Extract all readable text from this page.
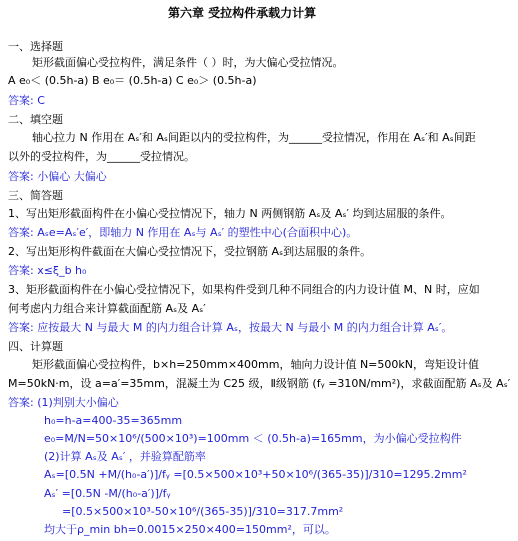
第六章 受拉构件承载力计算
一、选择题
矩形截面偏心受拉构件，满足条件（ ）时，为大偏心受拉情况。
A e₀＜ (0.5h-a) B e₀＝ (0.5h-a) C e₀＞ (0.5h-a)
答案: C
二、填空题
轴心拉力 N 作用在 Aₛ′和 Aₛ间距以内的受拉构件，为______受拉情况，作用在 Aₛ′和 Aₛ间距
以外的受拉构件，为______受拉情况。
答案: 小偏心 大偏心
三、简答题
1、写出矩形截面构件在小偏心受拉情况下，轴力 N 两侧钢筋 Aₛ及 Aₛ′ 均到达屈服的条件。
答案: Aₛe=Aₛ′e′，即轴力 N 作用在 Aₛ与 Aₛ′ 的塑性中心(合面积中心)。
2、写出矩形构件截面在大偏心受拉情况下，受拉钢筋 Aₛ到达屈服的条件。
答案: x≤ξ_b h₀
3、矩形截面构件在小偏心受拉情况下，如果构件受到几种不同组合的内力设计值 M、N 时，应如
何考虑内力组合来计算截面配筋 Aₛ及 Aₛ′
答案: 应按最大 N 与最大 M 的内力组合计算 Aₛ，按最大 N 与最小 M 的内力组合计算 Aₛ′。
四、计算题
矩形截面偏心受拉构件，b×h=250mm×400mm，轴向力设计值 N=500kN，弯矩设计值
M=50kN·m，设 a=a′=35mm，混凝土为 C25 级，Ⅱ级钢筋 (fᵧ =310N/mm²)，求截面配筋 Aₛ及 Aₛ′
答案: (1)判别大小偏心
h₀=h-a=400-35=365mm
e₀=M/N=50×10⁶/(500×10³)=100mm ＜ (0.5h-a)=165mm，为小偏心受拉构件
(2)计算 Aₛ及 Aₛ′ ，并验算配筋率
Aₛ=[0.5N +M/(h₀-a′)]/fᵧ =[0.5×500×10³+50×10⁶/(365-35)]/310=1295.2mm²
Aₛ′ =[0.5N -M/(h₀-a′)]/fᵧ
=[0.5×500×10³-50×10⁶/(365-35)]/310=317.7mm²
均大于ρ_min bh=0.0015×250×400=150mm²，可以。
